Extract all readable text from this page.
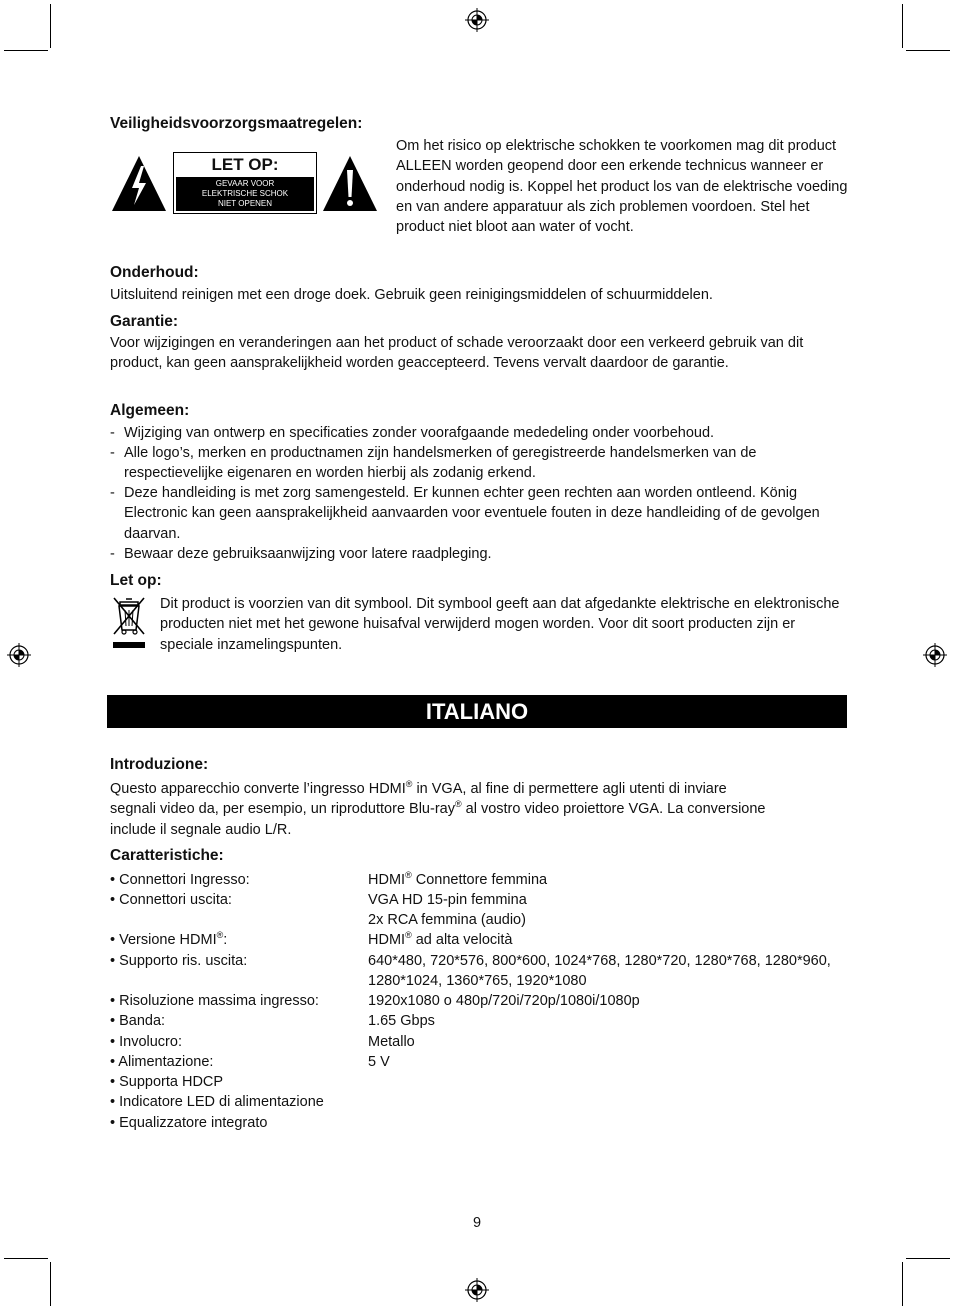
Veiligheidsvoorzorgsmaatregelen:
LET OP:
GEVAAR VOOR
ELEKTRISCHE SCHOK
NIET OPENEN

Om het risico op elektrische schokken te voorkomen mag dit product ALLEEN worden geopend door een erkende technicus wanneer er onderhoud nodig is. Koppel het product los van de elektrische voeding en van andere apparatuur als zich problemen voordoen. Stel het product niet bloot aan water of vocht.

Onderhoud:

Uitsluitend reinigen met een droge doek. Gebruik geen reinigingsmiddelen of schuurmiddelen.

Garantie:

Voor wijzigingen en veranderingen aan het product of schade veroorzaakt door een verkeerd gebruik van dit product, kan geen aansprakelijkheid worden geaccepteerd. Tevens vervalt daardoor de garantie.

Algemeen:
- Wijziging van ontwerp en specificaties zonder voorafgaande mededeling onder voorbehoud.
- Alle logo’s, merken en productnamen zijn handelsmerken of geregistreerde handelsmerken van de respectievelijke eigenaren en worden hierbij als zodanig erkend.
- Deze handleiding is met zorg samengesteld. Er kunnen echter geen rechten aan worden ontleend. König Electronic kan geen aansprakelijkheid aanvaarden voor eventuele fouten in deze handleiding of de gevolgen daarvan.
- Bewaar deze gebruiksaanwijzing voor latere raadpleging.
Let op:

Dit product is voorzien van dit symbool. Dit symbool geeft aan dat afgedankte elektrische en elektronische producten niet met het gewone huisafval verwijderd mogen worden. Voor dit soort producten zijn er speciale inzamelingspunten.

ITALIANO
Introduzione:
Questo apparecchio converte l’ingresso HDMI® in VGA, al fine di permettere agli utenti di inviare
segnali video da, per esempio, un riproduttore Blu-ray® al vostro video proiettore VGA. La conversione
include il segnale audio L/R.
Caratteristiche:
• Connettori Ingresso:	HDMI® Connettore femmina
• Connettori uscita:	VGA HD 15-pin femmina
2x RCA femmina (audio)
• Versione HDMI®:	HDMI® ad alta velocità
• Supporto ris. uscita:	640*480, 720*576, 800*600, 1024*768, 1280*720, 1280*768, 1280*960, 1280*1024, 1360*765, 1920*1080
• Risoluzione massima ingresso:	1920x1080 o 480p/720i/720p/1080i/1080p
• Banda:	1.65 Gbps
• Involucro:	Metallo
• Alimentazione:	5 V
• Supporta HDCP
• Indicatore LED di alimentazione
• Equalizzatore integrato
9
